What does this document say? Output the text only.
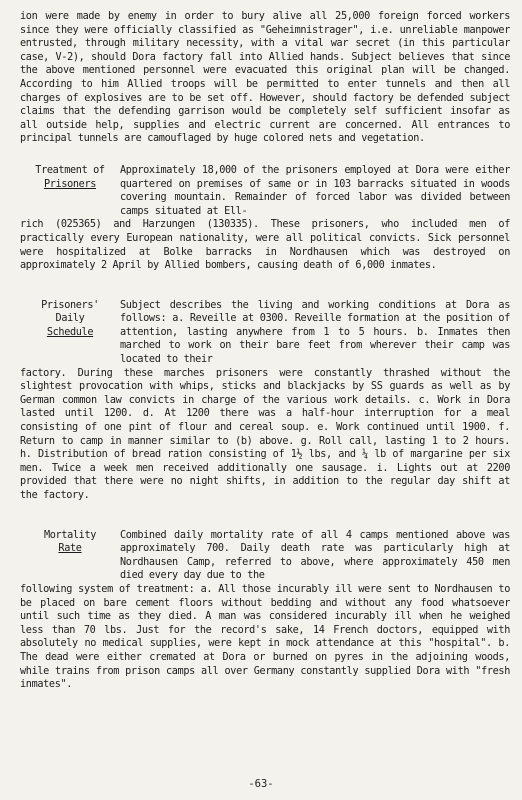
ion were made by enemy in order to bury alive all 25,000 foreign forced workers since they were officially classified as "Geheimnistrager", i.e. unreliable manpower entrusted, through military necessity, with a vital war secret (in this particular case, V-2), should Dora factory fall into Allied hands. Subject believes that since the above mentioned personnel were evacuated this original plan will be changed. According to him Allied troops will be permitted to enter tunnels and then all charges of explosives are to be set off. However, should factory be defended subject claims that the defending garrison would be completely self sufficient insofar as all outside help, supplies and electric current are concerned. All entrances to principal tunnels are camouflaged by huge colored nets and vegetation.

Treatment of
Prisoners

Approximately 18,000 of the prisoners employed at Dora were either quartered on premises of same or in 103 barracks situated in woods covering mountain. Remainder of forced labor was divided between camps situated at Ell-

rich (025365) and Harzungen (130335). These prisoners, who included men of practically every European nationality, were all political convicts. Sick personnel were hospitalized at Bolke barracks in Nordhausen which was destroyed on approximately 2 April by Allied bombers, causing death of 6,000 inmates.

Prisoners'
Daily
Schedule

Subject describes the living and working conditions at Dora as follows: a. Reveille at 0300. Reveille formation at the position of attention, lasting anywhere from 1 to 5 hours. b. Inmates then marched to work on their bare feet from wherever their camp was located to their

factory. During these marches prisoners were constantly thrashed without the slightest provocation with whips, sticks and blackjacks by SS guards as well as by German common law convicts in charge of the various work details. c. Work in Dora lasted until 1200. d. At 1200 there was a half-hour interruption for a meal consisting of one pint of flour and cereal soup. e. Work continued until 1900. f. Return to camp in manner similar to (b) above. g. Roll call, lasting 1 to 2 hours. h. Distribution of bread ration consisting of 1½ lbs, and ¼ lb of margarine per six men. Twice a week men received additionally one sausage. i. Lights out at 2200 provided that there were no night shifts, in addition to the regular day shift at the factory.

Mortality
Rate

Combined daily mortality rate of all 4 camps mentioned above was approximately 700. Daily death rate was particularly high at Nordhausen Camp, referred to above, where approximately 450 men died every day due to the

following system of treatment: a. All those incurably ill were sent to Nordhausen to be placed on bare cement floors without bedding and without any food whatsoever until such time as they died. A man was considered incurably ill when he weighed less than 70 lbs. Just for the record's sake, 14 French doctors, equipped with absolutely no medical supplies, were kept in mock attendance at this "hospital". b. The dead were either cremated at Dora or burned on pyres in the adjoining woods, while trains from prison camps all over Germany constantly supplied Dora with "fresh inmates".

-63-
